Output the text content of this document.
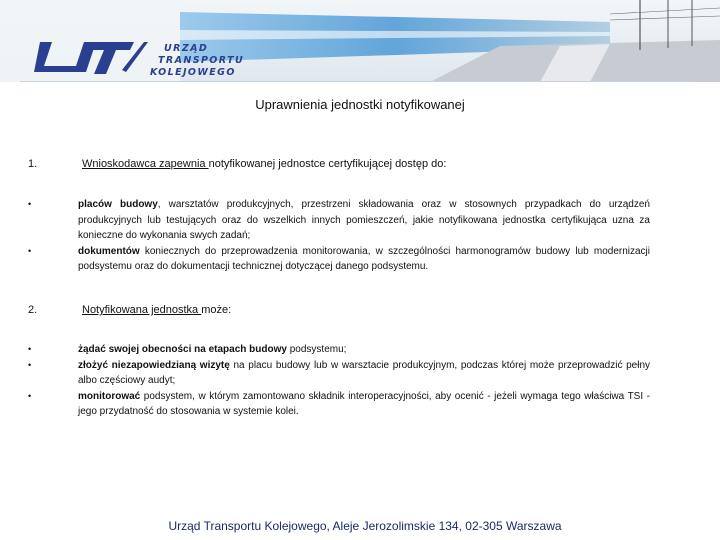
URZĄD
TRANSPORTU
KOLEJOWEGO
Uprawnienia jednostki notyfikowanej
1.	Wnioskodawca zapewnia notyfikowanej jednostce certyfikującej dostęp do:

•	placów budowy, warsztatów produkcyjnych, przestrzeni składowania oraz w stosownych przypadkach do urządzeń produkcyjnych lub testujących oraz do wszelkich innych pomieszczeń, jakie notyfikowana jednostka certyfikująca uzna za konieczne do wykonania swych zadań;

•	dokumentów koniecznych do przeprowadzenia monitorowania, w szczególności harmonogramów budowy lub modernizacji podsystemu oraz do dokumentacji technicznej dotyczącej danego podsystemu.

2.	Notyfikowana jednostka może:

•	żądać swojej obecności na etapach budowy podsystemu;

•	złożyć niezapowiedzianą wizytę na placu budowy lub w warsztacie produkcyjnym, podczas której może przeprowadzić pełny albo częściowy audyt;

•	monitorować podsystem, w którym zamontowano składnik interoperacyjności, aby ocenić - jeżeli wymaga tego właściwa TSI - jego przydatność do stosowania w systemie kolei.

Urząd Transportu Kolejowego, Aleje Jerozolimskie 134, 02-305 Warszawa
